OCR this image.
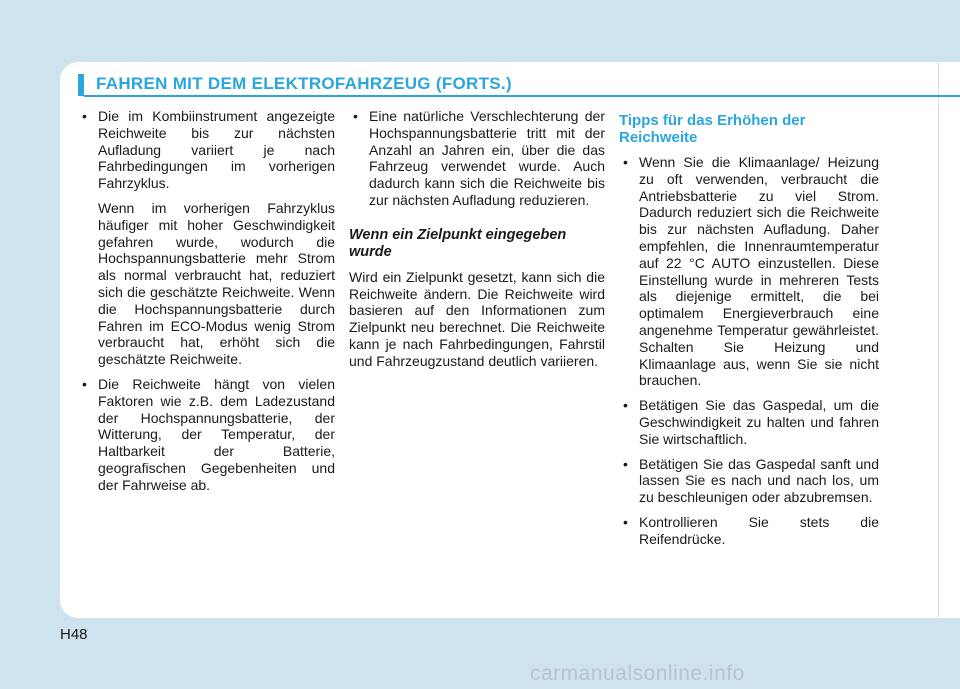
FAHREN MIT DEM ELEKTROFAHRZEUG (FORTS.)
• Die im Kombiinstrument angezeigte Reichweite bis zur nächsten Aufladung variiert je nach Fahrbedingungen im vorherigen Fahrzyklus.
Wenn im vorherigen Fahrzyklus häufiger mit hoher Geschwindigkeit gefahren wurde, wodurch die Hochspannungsbatterie mehr Strom als normal verbraucht hat, reduziert sich die geschätzte Reichweite. Wenn die Hochspannungsbatterie durch Fahren im ECO-Modus wenig Strom verbraucht hat, erhöht sich die geschätzte Reichweite.
• Die Reichweite hängt von vielen Faktoren wie z.B. dem Ladezustand der Hochspannungsbatterie, der Witterung, der Temperatur, der Haltbarkeit der Batterie, geografischen Gegebenheiten und der Fahrweise ab.
• Eine natürliche Verschlechterung der Hochspannungsbatterie tritt mit der Anzahl an Jahren ein, über die das Fahrzeug verwendet wurde. Auch dadurch kann sich die Reichweite bis zur nächsten Aufladung reduzieren.
Wenn ein Zielpunkt eingegeben wurde
Wird ein Zielpunkt gesetzt, kann sich die Reichweite ändern. Die Reichweite wird basieren auf den Informationen zum Zielpunkt neu berechnet. Die Reichweite kann je nach Fahrbedingungen, Fahrstil und Fahrzeugzustand deutlich variieren.
Tipps für das Erhöhen der Reichweite
• Wenn Sie die Klimaanlage/ Heizung zu oft verwenden, verbraucht die Antriebsbatterie zu viel Strom. Dadurch reduziert sich die Reichweite bis zur nächsten Aufladung. Daher empfehlen, die Innenraumtemperatur auf 22 °C AUTO einzustellen. Diese Einstellung wurde in mehreren Tests als diejenige ermittelt, die bei optimalem Energieverbrauch eine angenehme Temperatur gewährleistet. Schalten Sie Heizung und Klimaanlage aus, wenn Sie sie nicht brauchen.
• Betätigen Sie das Gaspedal, um die Geschwindigkeit zu halten und fahren Sie wirtschaftlich.
• Betätigen Sie das Gaspedal sanft und lassen Sie es nach und nach los, um zu beschleunigen oder abzubremsen.
• Kontrollieren Sie stets die Reifendrücke.
H48
carmanualsonline.info
